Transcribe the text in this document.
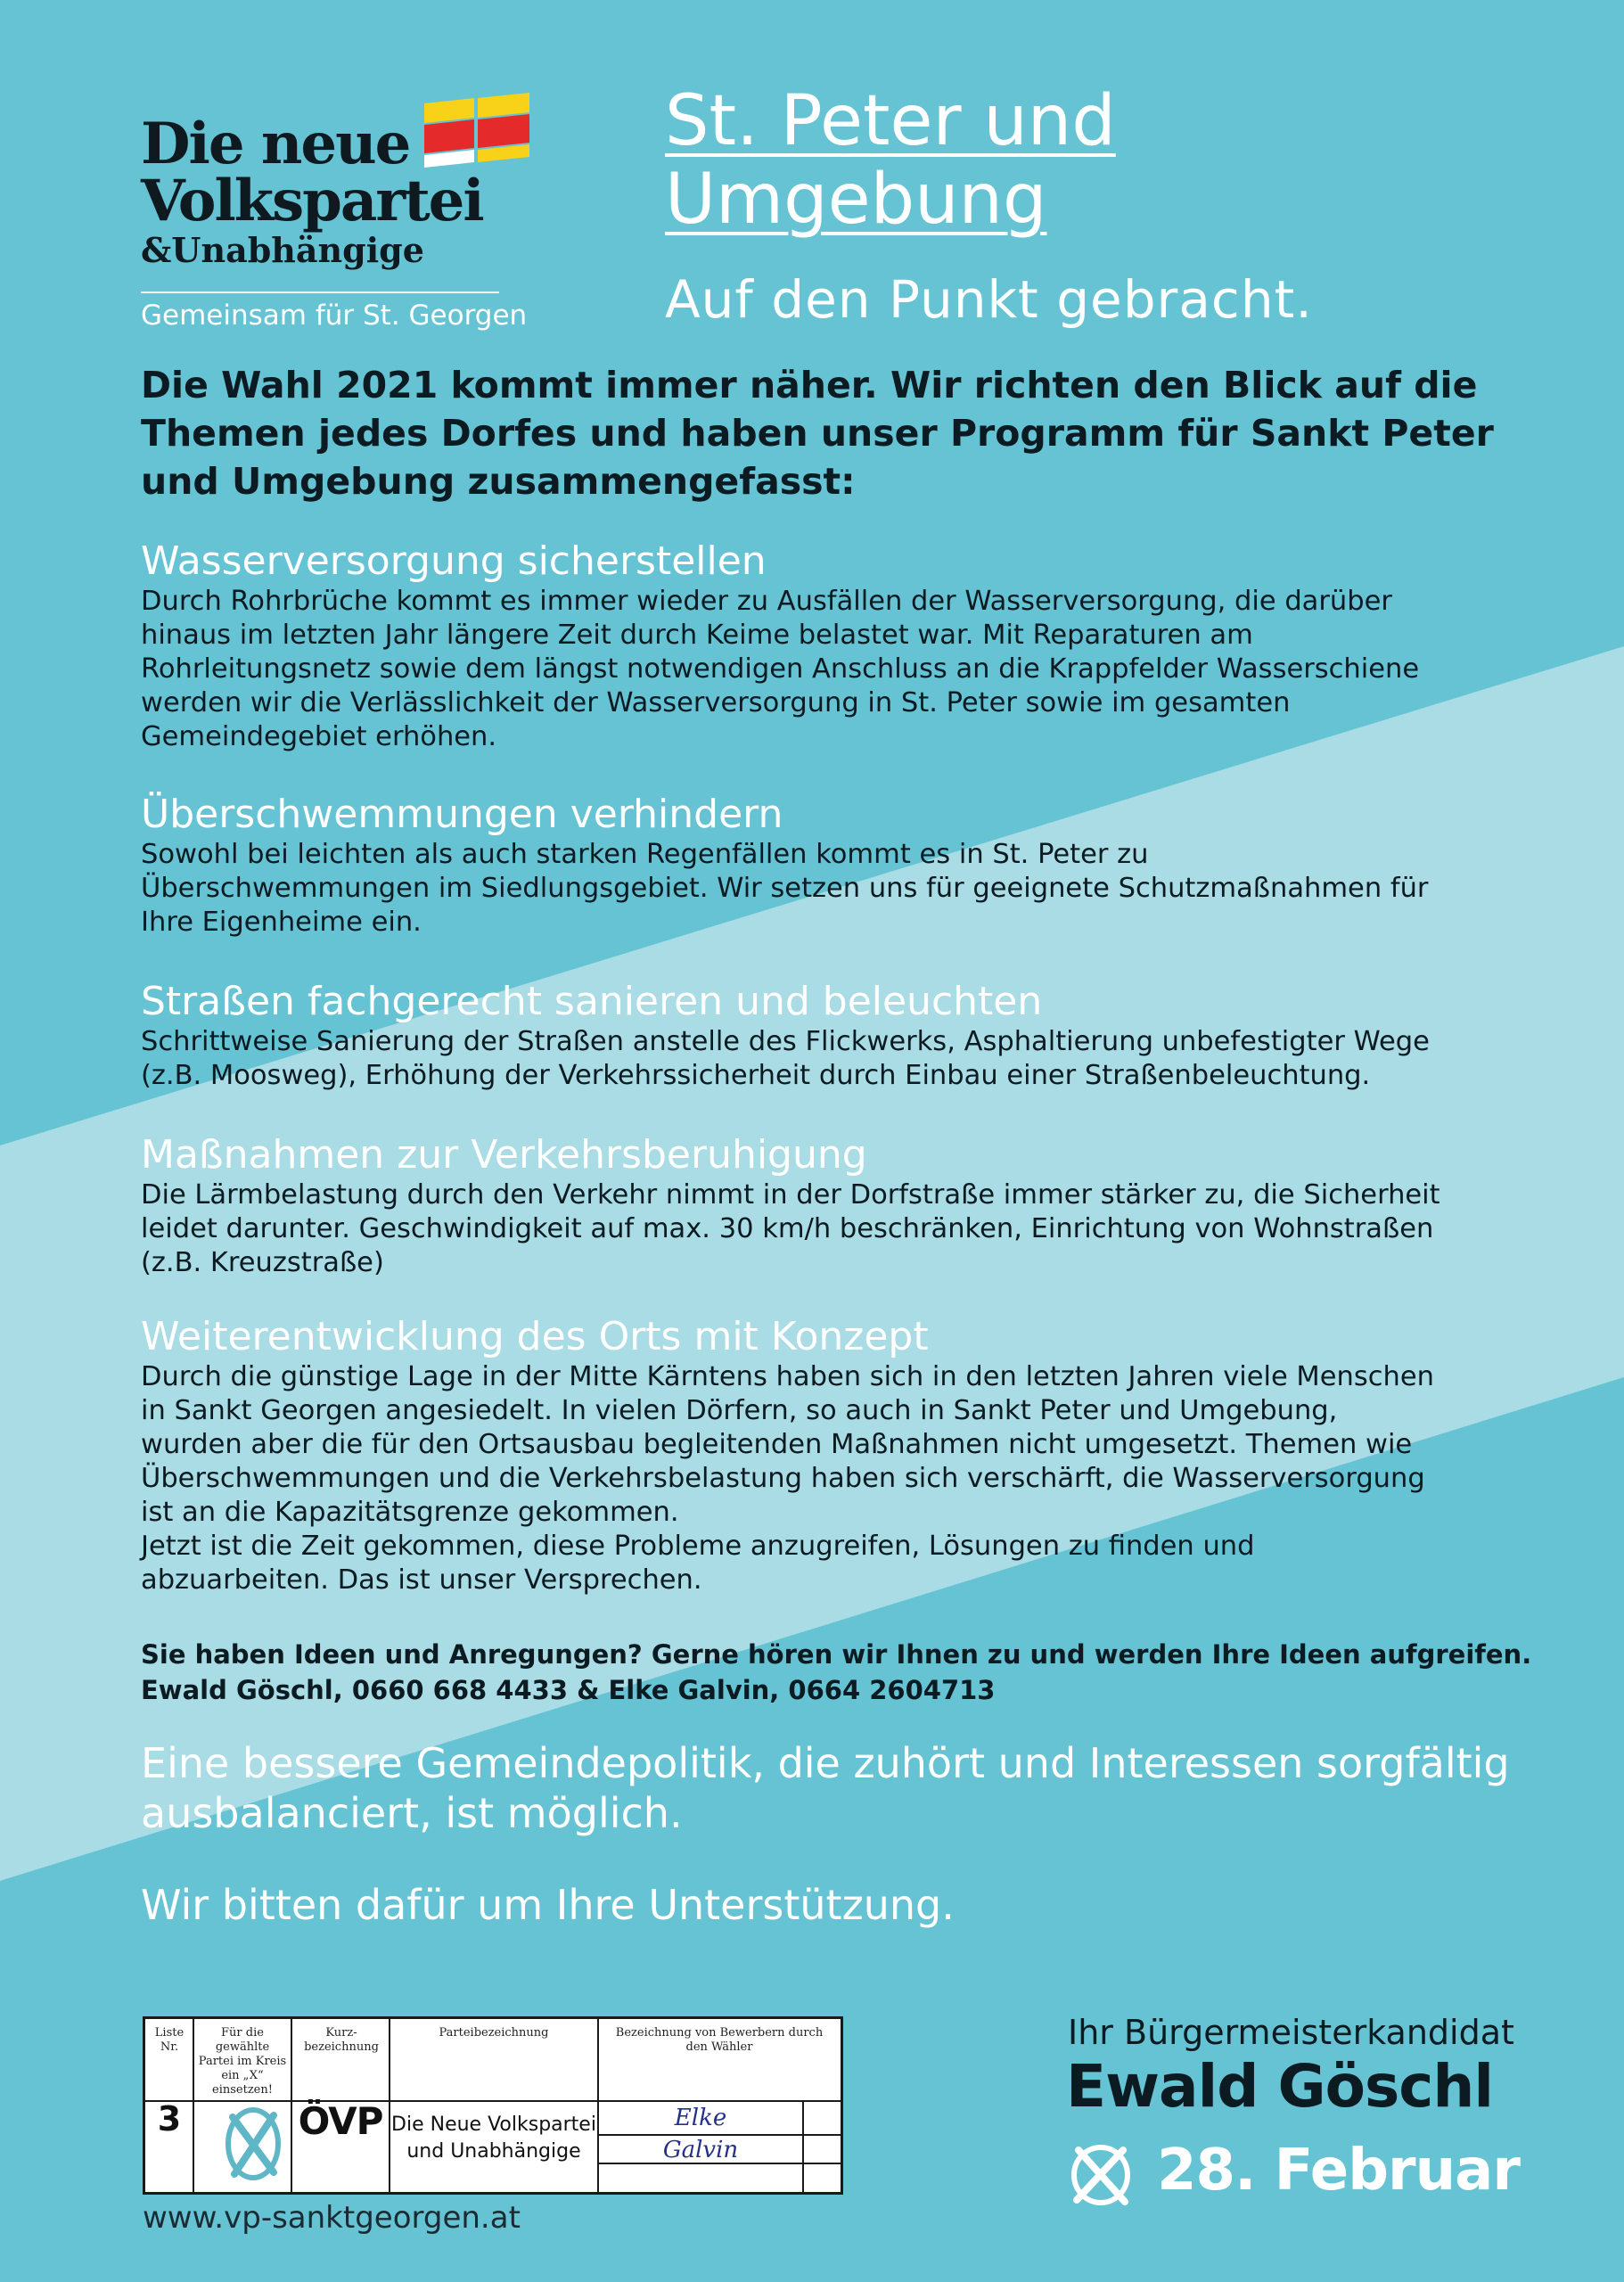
Die neue
Volkspartei
&Unabhängige
Gemeinsam für St. Georgen
St. Peter und
Umgebung
Auf den Punkt gebracht.
Die Wahl 2021 kommt immer näher. Wir richten den Blick auf die
Themen jedes Dorfes und haben unser Programm für Sankt Peter
und Umgebung zusammengefasst:
Wasserversorgung sicherstellen
Durch Rohrbrüche kommt es immer wieder zu Ausfällen der Wasserversorgung, die darüber
hinaus im letzten Jahr längere Zeit durch Keime belastet war. Mit Reparaturen am
Rohrleitungsnetz sowie dem längst notwendigen Anschluss an die Krappfelder Wasserschiene
werden wir die Verlässlichkeit der Wasserversorgung in St. Peter sowie im gesamten
Gemeindegebiet erhöhen.
Überschwemmungen verhindern
Sowohl bei leichten als auch starken Regenfällen kommt es in St. Peter zu
Überschwemmungen im Siedlungsgebiet. Wir setzen uns für geeignete Schutzmaßnahmen für
Ihre Eigenheime ein.
Straßen fachgerecht sanieren und beleuchten
Schrittweise Sanierung der Straßen anstelle des Flickwerks, Asphaltierung unbefestigter Wege
(z.B. Moosweg), Erhöhung der Verkehrssicherheit durch Einbau einer Straßenbeleuchtung.
Maßnahmen zur Verkehrsberuhigung
Die Lärmbelastung durch den Verkehr nimmt in der Dorfstraße immer stärker zu, die Sicherheit
leidet darunter. Geschwindigkeit auf max. 30 km/h beschränken, Einrichtung von Wohnstraßen
(z.B. Kreuzstraße)
Weiterentwicklung des Orts mit Konzept
Durch die günstige Lage in der Mitte Kärntens haben sich in den letzten Jahren viele Menschen
in Sankt Georgen angesiedelt. In vielen Dörfern, so auch in Sankt Peter und Umgebung,
wurden aber die für den Ortsausbau begleitenden Maßnahmen nicht umgesetzt. Themen wie
Überschwemmungen und die Verkehrsbelastung haben sich verschärft, die Wasserversorgung
ist an die Kapazitätsgrenze gekommen.
Jetzt ist die Zeit gekommen, diese Probleme anzugreifen, Lösungen zu finden und
abzuarbeiten. Das ist unser Versprechen.
Sie haben Ideen und Anregungen? Gerne hören wir Ihnen zu und werden Ihre Ideen aufgreifen.
Ewald Göschl, 0660 668 4433 & Elke Galvin, 0664 2604713
Eine bessere Gemeindepolitik, die zuhört und Interessen sorgfältig
ausbalanciert, ist möglich.
Wir bitten dafür um Ihre Unterstützung.
Liste Nr.
Für die gewählte Partei im Kreis ein „X“ einsetzen!
Kurz-bezeichnung
Parteibezeichnung	Bezeichnung von Bewerbern durch den Wähler
3	ÖVP Die Neue Volkspartei
und Unabhängige
Elke
Galvin
www.vp-sanktgeorgen.at
Ihr Bürgermeisterkandidat
Ewald Göschl
28. Februar
